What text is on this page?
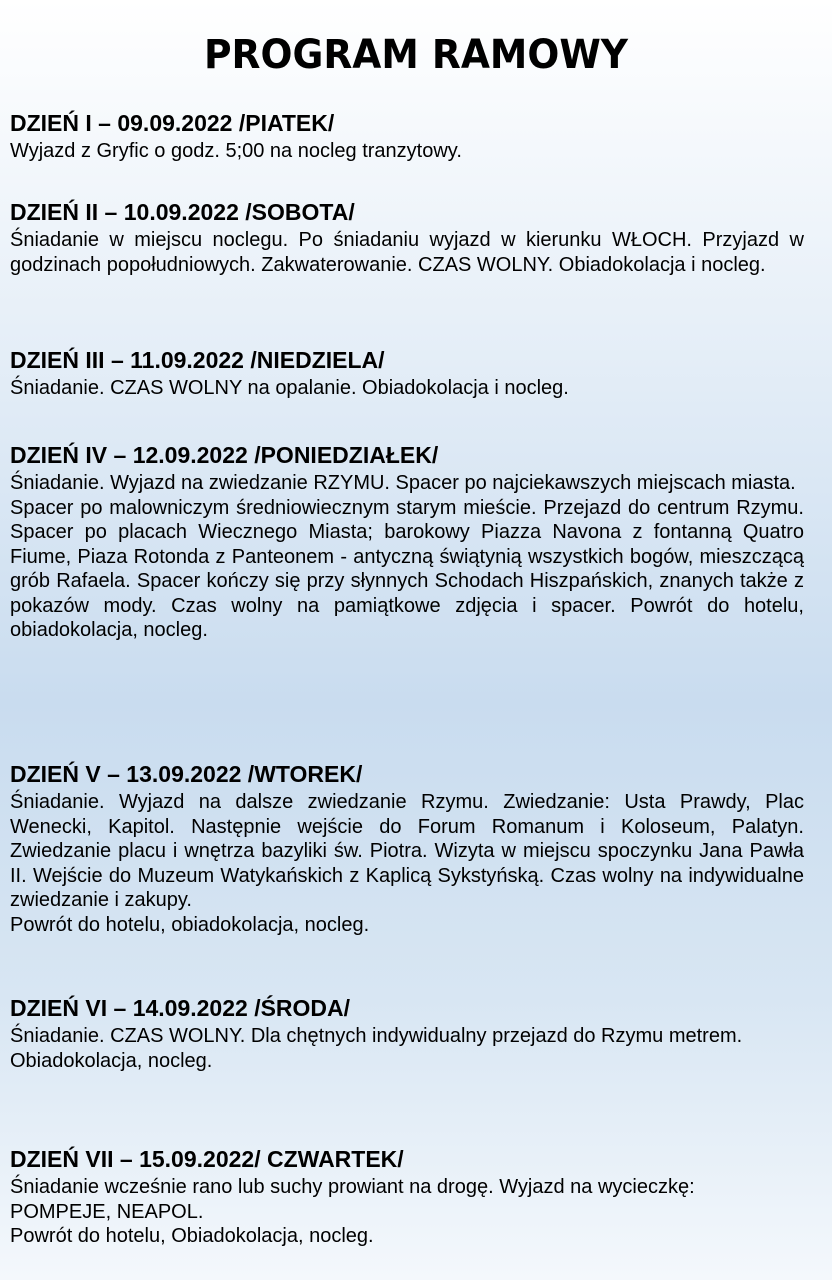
PROGRAM RAMOWY
DZIEŃ I – 09.09.2022 /PIATEK/

Wyjazd z Gryfic o godz. 5;00 na nocleg tranzytowy.

DZIEŃ II – 10.09.2022 /SOBOTA/

Śniadanie w miejscu noclegu. Po śniadaniu wyjazd w kierunku WŁOCH. Przyjazd w godzinach popołudniowych. Zakwaterowanie. CZAS WOLNY. Obiadokolacja i nocleg.

DZIEŃ III – 11.09.2022 /NIEDZIELA/

Śniadanie. CZAS WOLNY na opalanie. Obiadokolacja i nocleg.

DZIEŃ IV – 12.09.2022 /PONIEDZIAŁEK/

Śniadanie. Wyjazd na zwiedzanie RZYMU. Spacer po najciekawszych miejscach miasta.

Spacer po malowniczym średniowiecznym starym mieście. Przejazd do centrum Rzymu. Spacer po placach Wiecznego Miasta; barokowy Piazza Navona z fontanną Quatro Fiume, Piaza Rotonda z Panteonem - antyczną świątynią wszystkich bogów, mieszczącą grób Rafaela. Spacer kończy się przy słynnych Schodach Hiszpańskich, znanych także z pokazów mody. Czas wolny na pamiątkowe zdjęcia i spacer. Powrót do hotelu, obiadokolacja, nocleg.

DZIEŃ V – 13.09.2022 /WTOREK/

Śniadanie. Wyjazd na dalsze zwiedzanie Rzymu. Zwiedzanie: Usta Prawdy, Plac Wenecki, Kapitol. Następnie wejście do Forum Romanum i Koloseum, Palatyn. Zwiedzanie placu i wnętrza bazyliki św. Piotra. Wizyta w miejscu spoczynku Jana Pawła II. Wejście do Muzeum Watykańskich z Kaplicą Sykstyńską. Czas wolny na indywidualne zwiedzanie i zakupy.

Powrót do hotelu, obiadokolacja, nocleg.

DZIEŃ VI – 14.09.2022 /ŚRODA/

Śniadanie. CZAS WOLNY. Dla chętnych indywidualny przejazd do Rzymu metrem.

Obiadokolacja, nocleg.

DZIEŃ VII – 15.09.2022/ CZWARTEK/

Śniadanie wcześnie rano lub suchy prowiant na drogę. Wyjazd na wycieczkę: POMPEJE, NEAPOL.

Powrót do hotelu, Obiadokolacja, nocleg.
